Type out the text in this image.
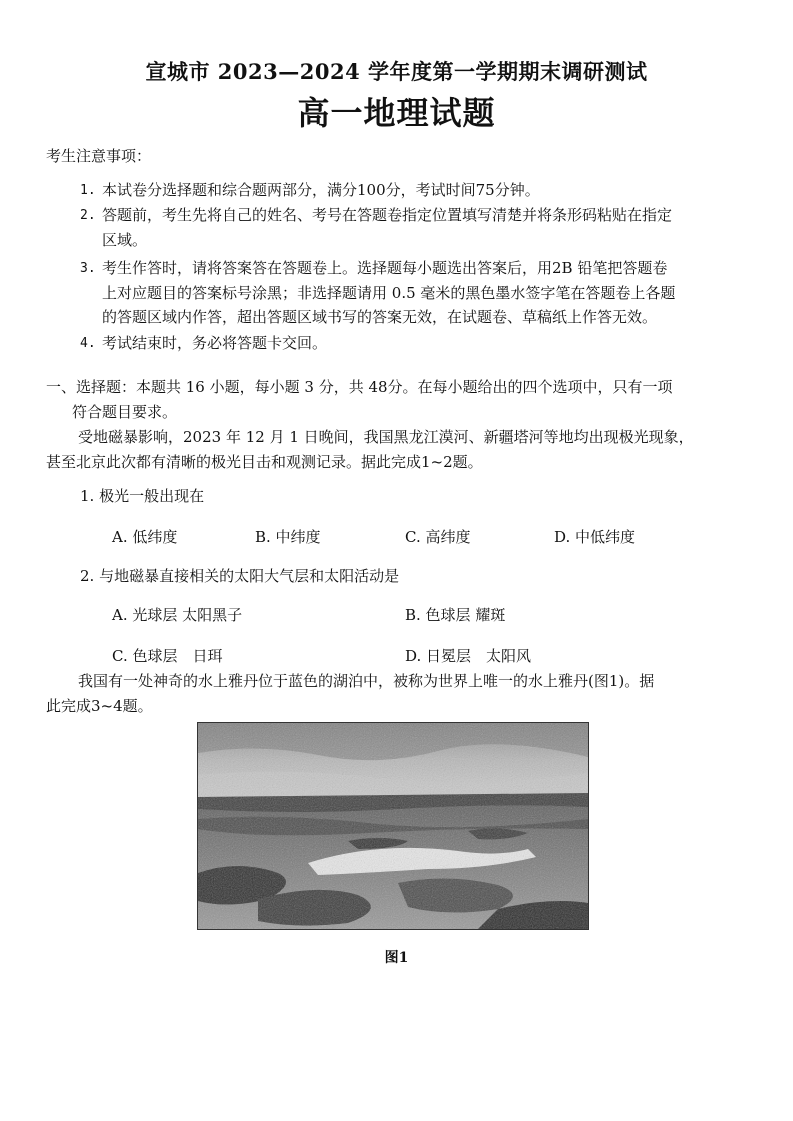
宣城市 2023—2024 学年度第一学期期末调研测试
高一地理试题
考生注意事项：
1. 本试卷分选择题和综合题两部分，满分100分，考试时间75分钟。
2. 答题前，考生先将自己的姓名、考号在答题卷指定位置填写清楚并将条形码粘贴在指定
区域。
3. 考生作答时，请将答案答在答题卷上。选择题每小题选出答案后，用2B 铅笔把答题卷
上对应题目的答案标号涂黑；非选择题请用 0.5 毫米的黑色墨水签字笔在答题卷上各题
的答题区域内作答，超出答题区域书写的答案无效，在试题卷、草稿纸上作答无效。
4. 考试结束时，务必将答题卡交回。
一、选择题：本题共 16 小题，每小题 3 分，共 48分。在每小题给出的四个选项中，只有一项
符合题目要求。
受地磁暴影响，2023 年 12 月 1 日晚间，我国黑龙江漠河、新疆塔河等地均出现极光现象，
甚至北京此次都有清晰的极光目击和观测记录。据此完成1~2题。
1. 极光一般出现在
A. 低纬度	B. 中纬度	C. 高纬度	D. 中低纬度
2. 与地磁暴直接相关的太阳大气层和太阳活动是
A. 光球层 太阳黑子	B. 色球层 耀斑
C. 色球层　日珥	D. 日冕层　太阳风
我国有一处神奇的水上雅丹位于蓝色的湖泊中，被称为世界上唯一的水上雅丹(图1)。据
此完成3~4题。
图1
